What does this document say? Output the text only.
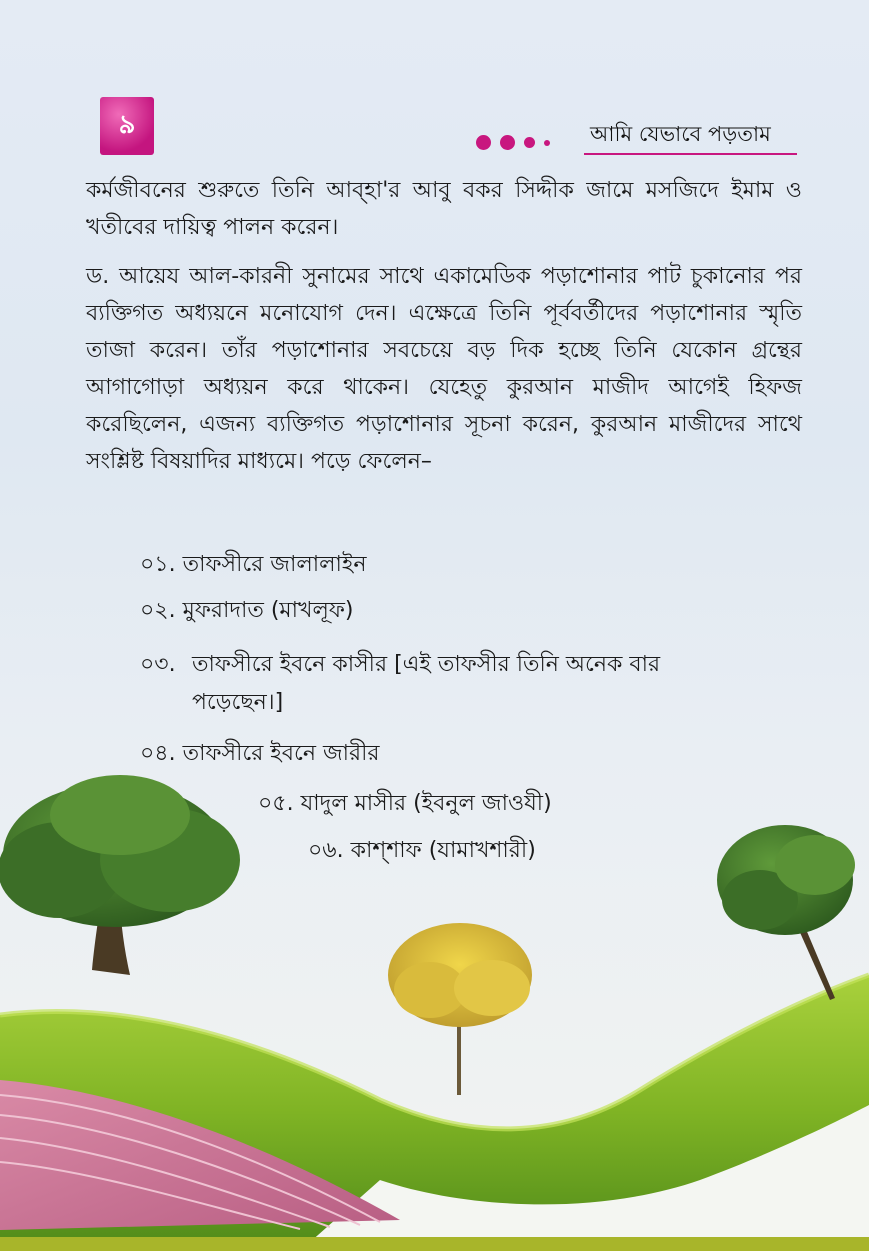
৯	আমি যেভাবে পড়তাম

কর্মজীবনের শুরুতে তিনি আব্হা'র আবু বকর সিদ্দীক জামে মসজিদে ইমাম ও খতীবের দায়িত্ব পালন করেন।

ড. আয়েয আল-কারনী সুনামের সাথে একামেডিক পড়াশোনার পাট চুকানোর পর ব্যক্তিগত অধ্যয়নে মনোযোগ দেন। এক্ষেত্রে তিনি পূর্ববর্তীদের পড়াশোনার স্মৃতি তাজা করেন। তাঁর পড়াশোনার সবচেয়ে বড় দিক হচ্ছে তিনি যেকোন গ্রন্থের আগাগোড়া অধ্যয়ন করে থাকেন। যেহেতু কুরআন মাজীদ আগেই হিফজ করেছিলেন, এজন্য ব্যক্তিগত পড়াশোনার সূচনা করেন, কুরআন মাজীদের সাথে সংশ্লিষ্ট বিষয়াদির মাধ্যমে। পড়ে ফেলেন–

০১. তাফসীরে জালালাইন

০২. মুফরাদাত (মাখলূফ)

০৩. তাফসীরে ইবনে কাসীর [এই তাফসীর তিনি অনেক বার

পড়েছেন।]

০৪. তাফসীরে ইবনে জারীর

০৫. যাদুল মাসীর (ইবনুল জাওযী)

০৬. কাশ্শাফ (যামাখশারী)
